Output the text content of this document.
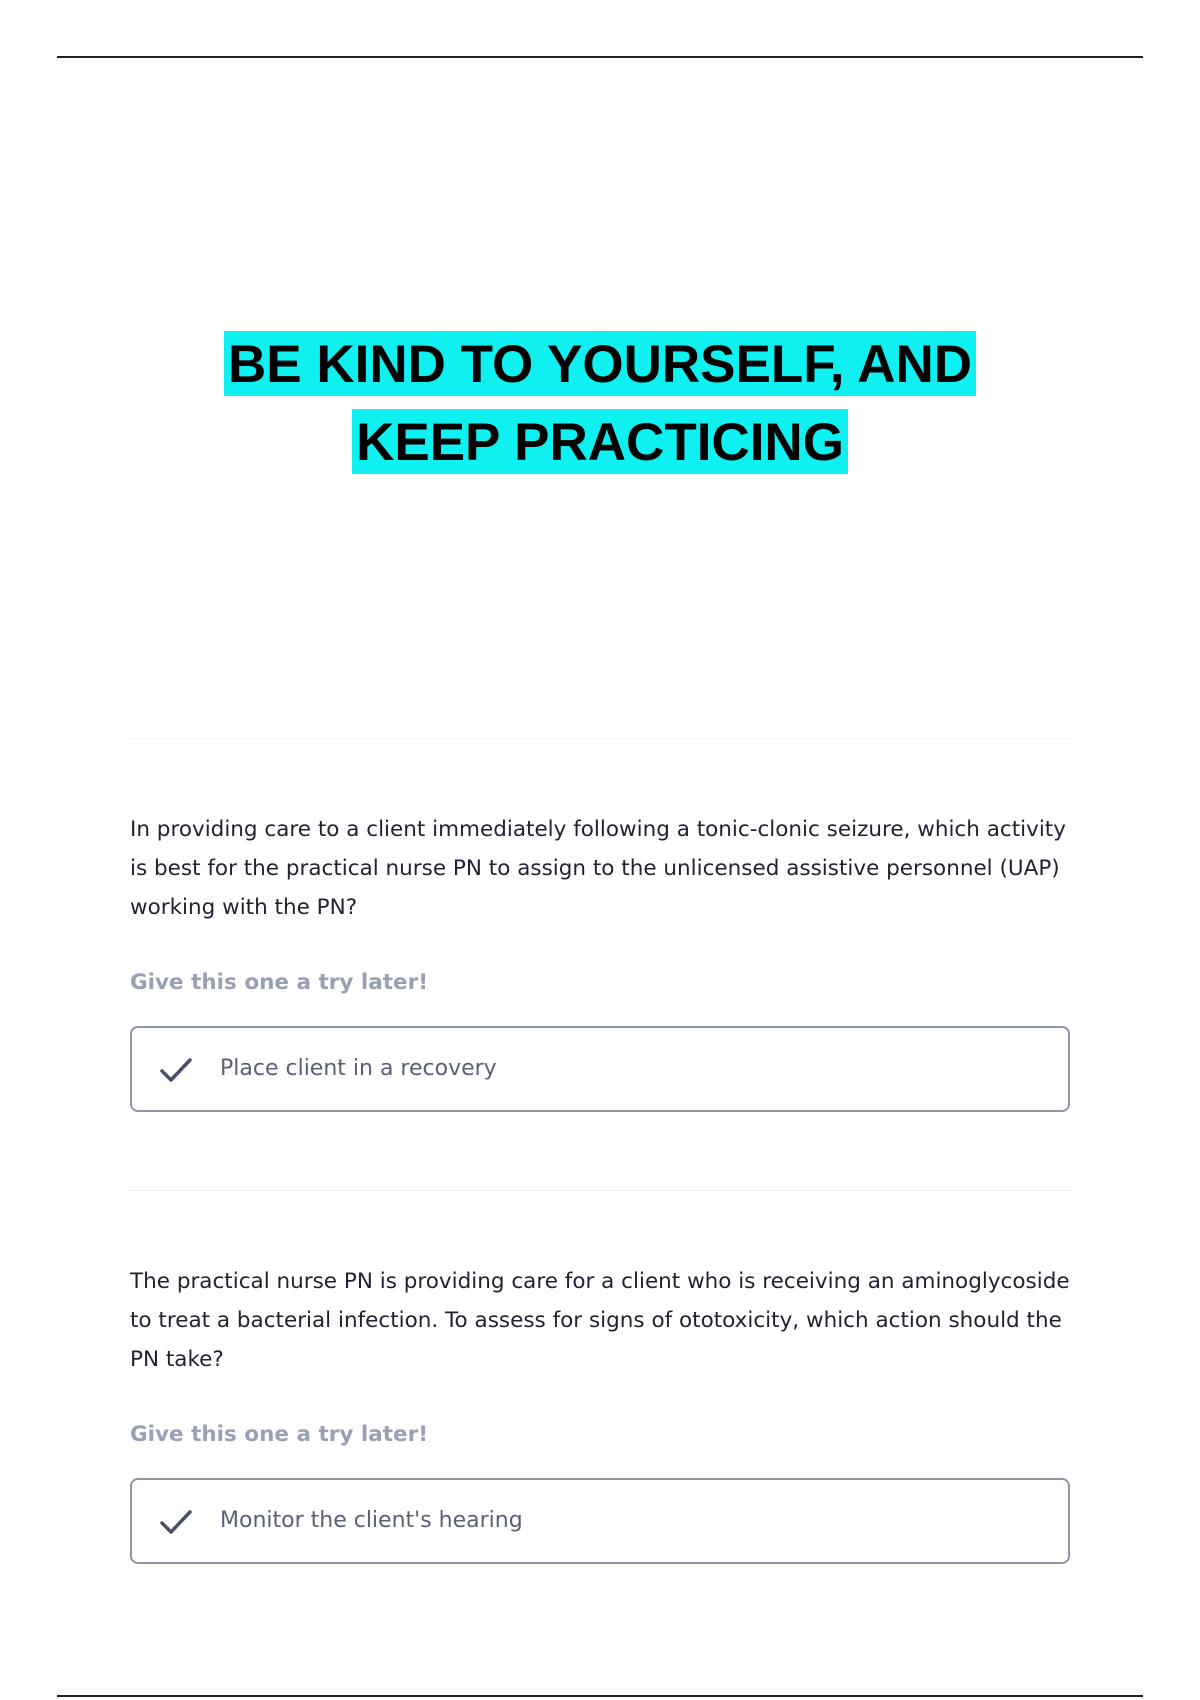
BE KIND TO YOURSELF, AND
KEEP PRACTICING
In providing care to a client immediately following a tonic-clonic seizure, which activity is best for the practical nurse PN to assign to the unlicensed assistive personnel (UAP) working with the PN?
Give this one a try later!
Place client in a recovery
The practical nurse PN is providing care for a client who is receiving an aminoglycoside to treat a bacterial infection. To assess for signs of ototoxicity, which action should the PN take?
Give this one a try later!
Monitor the client's hearing
